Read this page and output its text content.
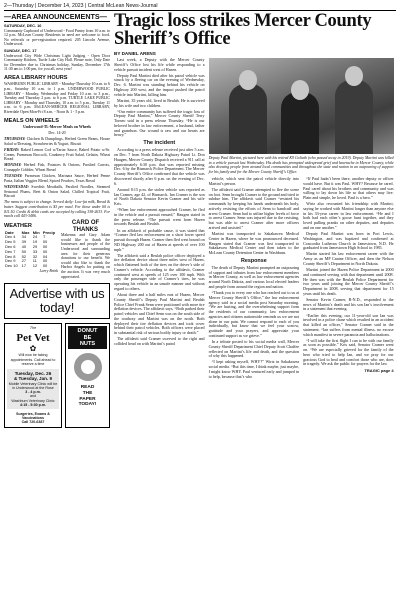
2—Thursday | December 14, 2023 | Central McLean News-Journal
—AREA ANNOUNCEMENTS—
SATURDAY, DEC. 16
Community Cupboard of Underwood - Food Pantry from 10 a.m. to 12 p.m. McLean County Residents in need are welcome to food. No referrals or pre-registration required. 205 Lincoln Avenue, Underwood.
SUNDAY, DEC. 17
Underwood City Wide Christmas Light Judging - Open Door Community Kitchen, Turtle Lake City Hall. Please note, Only Date for December due to Christmas holiday, Sunday, December 17th 11:30 am to 1:00 pm, for you all, next year!
AREA LIBRARY HOURS
WASHBURN PUBLIC LIBRARY - Monday-Thursday 10 a.m. to 6 p.m., Saturday 10 a.m. to 1 p.m. UNDERWOOD PUBLIC LIBRARY - Monday, Wednesday and Friday 10 a.m. to 3 p.m., Tuesday and Thursday 2 p.m. to 6 p.m. TURTLE LAKE PUBLIC LIBRARY - Monday and Thursday, 10 a.m. to 5 p.m., Tuesday 11 a.m. to 6 p.m. McLEAN-MERCER REGIONAL LIBRARY, Riverdale Open Mon-Fri 8 a.m. - Noon & 1 - 5 p.m.
MEALS ON WHEELS
Underwood-Tl.-Mercer Meals on Wheels
Dec. 14-20
THURSDAY: Chicken & Dumplings, Herbed Green Beans, House Salad w/Dressing, Strawberries & Yogurt, Biscuit
FRIDAY: Baked Lemon Cod w/Tartar Sauce, Baked Potato w/Sr. Cream, Parmesan Broccoli, Cranberry Fruit Salad, Gelatin, Wheat Bread
MONDAY: Herbed Fish, Potatoes & Onions, Parslied Carrots, Cranapple Cobbler, Wheat Bread
TUESDAY: Parmesan Chicken, Marinara Sauce, Herbed Penne Pasta, Italian Veggies Blend, Spiced Peaches, Texas Bread
WEDNESDAY: Swedish Meatballs, Parslied Noodles, Steamed Seasonal Plums, Beet & Onion Salad, Chilled Tropical Fruit, Biscuit
The menu is subject to change. Served daily: Low-fat milk, Bread & butter. Suggest contribution is $3 per meal. For those under 60 is $11.50. Credit & debit cards are accepted by calling 338-2633. For meals call 443-3486.
WEATHER
Date	Max	Min	Precip
Dec 4	34	24	T
Dec 5	39	19	00
Dec 6	40	29	00
Dec 7	50	33	00
Dec 8	52	32	04
Dec 9	27	11	00
Dec 10	17	12	00
Larry Brink
CARD OF THANKS
Makenna and Gary Adam would like to thank the businesses and people of the Underwood and surrounding area for their generous donations to our benefit. We would also like to thank the Harbor Angels for putting on the auction. It was very much appreciated.
Advertise with us today!
The
Pet Vet
✿
Will now be taking appointments. Call ahead to reserve a time
Tuesday, Dec. 26
& Tuesday, Jan. 9
Mobile Veterinary Clinic will be in Underwood at the Rose
3 - 4 p.m.
and
Washburn Veterinary Clinic
4:15 - 5:30 p.m.
Surgeries, Exams & Vaccinations
Call 720-6387
DONUT
BE
NUTS
READ
THE
PAPER
TODAY!
Tragic loss strikes Mercer County Sheriff’s Office
BY DANIEL ARENS
Last week, a Deputy with the Mercer County Sheriff’s Office lost his life while responding to a vehicle pursuit incident west of Hazen.
Deputy Paul Martini died after his patrol vehicle was struck by a fleeing car on the evening of Wednesday, Dec. 6. Martini was standing behind his vehicle on Highway 200 west, and the impact pushed the patrol vehicle into Martini, killing him.
Martini, 35 years old, lived in Beulah. He is survived by his wife and two children.
“Our entire community has suffered the tragic loss of Deputy Paul Martini,” Mercer County Sheriff Terry Torneo said in a press release Thursday. “He is our beloved brother in law enforcement, a husband, father and grandson. Our wound is raw and our hearts are heavy.”
The incident
According to a press release received just after 5 a.m. on Dec. 7 from North Dakota Highway Patrol Lt. Don Haugen, Mercer County Dispatch received a 911 call at approximately 6:30 p.m. that was reported missing Dec. 6 by the Bismarck Police Department. The Mercer County Sheriff’s Office confirmed that the vehicle was discovered shortly after 6 p.m. on the evening of Dec. 6.
Around 8:15 p.m. the stolen vehicle was reported as Ian Cramer, age 42, of Bismarck. Ian Cramer is the son of North Dakota Senator Kevin Cramer and his wife Kris.
“When law enforcement approached Cramer, he fled in the vehicle and a pursuit ensued,” Haugen stated in the press release. “The pursuit went from Hazen towards Beulah and Beulah.
In an affidavit of probable cause, it was stated that “Cramer fled law enforcement on a short lower speed pursuit through Hazen. Cramer then fled west bound on ND Highway 200 out of Hazen at speeds of over 100 mph.”
The affidavit said a Beulah police officer deployed a tire deflation device about three miles west of Hazen, which flattened both of the tires on the driver’s side of Cramer’s vehicle. According to the affidavit, Cramer continued west at speeds of 125 over 100 mph. With only the passenger side of Cramer’s tires, he was operating his vehicle in an unsafe manner and without regard to others.
About three and a half miles east of Hazen, Mercer County Sheriff’s Deputy Paul Martini and Beulah Police Chief Frank Senn were positioned with more tire deflation devices. The affidavit says, “Both parked their patrol vehicles and Chief Senn was on the south side of the roadway and Martini was on the north. Both deployed their tire deflation devices and took cover behind their patrol vehicles. Both officers were placed in substantial risk of serious bodily injury or death.”
The affidavit said Cramer swerved to the right and collided head on with Martini’s patrol
Deputy Paul Martini, pictured here with his retired K9 Goliath (who passed away in 2019). Deputy Martini was killed in a vehicle pursuit last Wednesday. His death has prompted widespread grief and heartache in Mercer County, while also drawing people from around local communities and throughout the state and nation in an outpouring of support for his family and for the Mercer County Sheriff’s Office.
vehicle, which sent the patrol vehicle directly into Martini’s person.
The affidavit said Cramer attempted to flee the scene on foot. Senn brought Cramer to the ground and tried to subdue him. The affidavit said Cramer “resisted his commands by keeping his hands underneath his body, actively resisting the efforts of Senn to handcuff and arrest Cramer. Senn had to utilize higher levels of force to arrest Cramer. Senn was injured due to the resisting, but was able to arrest Cramer after more officers arrived and assisted.”
Martini was transported to Sakakawea Medical Center in Hazen, where he was pronounced deceased. Haugen stated that Cramer was first transported to Sakakawea Medical Center and then taken to the McLean County Detention Center in Washburn.
Response
The death of Deputy Martini prompted an outpouring of support and tributes from law enforcement members in Mercer County, as well as law enforcement agencies around North Dakota, and various local elected leaders and people from around the region and nation.
“Thank you to every one who has reached out to us at Mercer County Sheriff’s Office,” the law enforcement agency said in a social media post Saturday morning. “We are hurting, and the overwhelming support from the residents of our community, law enforcement agencies and citizens nationwide reminds us we are not alone in our pain. We cannot respond to each of you individually, but know that we feel your sorrow, gratitude and your prayers, and appreciate your continued support as we grieve.”
In a tribute posted to his social media wall, Mercer County Sheriff Department Chief Deputy Scott Chaffee reflected on Martini’s life and death, and the question of why this happened.
“I kept asking myself, WHY?” Wirtz in Sakakawea social media. “But this time, I think maybe, just maybe, I might know WHY. Paul ventured early and jumped in to help, because that’s who
“If Paul hadn’t been there, another deputy or officer would have. But it was Paul, WHY? Because he cared. Paul cared about his brothers and community and was willing to lay down his life so that others may live. Plain and simple, he loved. Paul is a hero.”
Wirtz also recounted his friendship with Martini, saying he worked with Martini longer than anyone else in his 33-year career in law enforcement. “He and I both had each other’s goose hunt together, and they loved pulling pranks on other deputies, and deputies and on one another.”
Deputy Paul Martini was born in Port Lewis, Washington, and was baptized and confirmed at Concordia Lutheran Church in Jamestown, N.D. He graduated from Jamestown High School in 1985.
Martin started his law enforcement career with the Army as an MP Canine Officer, and then the Nelson County Sheriff’s Department in North Dakota.
Martini joined the Hazen Police Department in 2000 and continued serving with that department until 2008. He then was with the Beulah Police Department for two years until joining the Mercer County Sheriff’s Department in 2008, serving that department for 15 years until his death.
Senator Kevin Cramer, R-N.D., responded to the news of Martini’s death and his son Ian’s involvement in a statement that evening.
“Earlier this evening, our 11-year-old son Ian was involved in a police chase which resulted in an accident that killed an officer,” Senator Cramer said in the statement. “Ian suffers from mental illness, no excuse which manifest in severe paranoia and hallucinations.
“I will take the first flight I can to be with our family as soon as possible,” Kris said, Senator Cramer went on. “We are especially grieved for the family of the hero who tried to help Ian, and we pray for our gracious God to heal and comfort those who are, does in tragedy. We ask the public for prayers for the law
TRAGIC page 4
